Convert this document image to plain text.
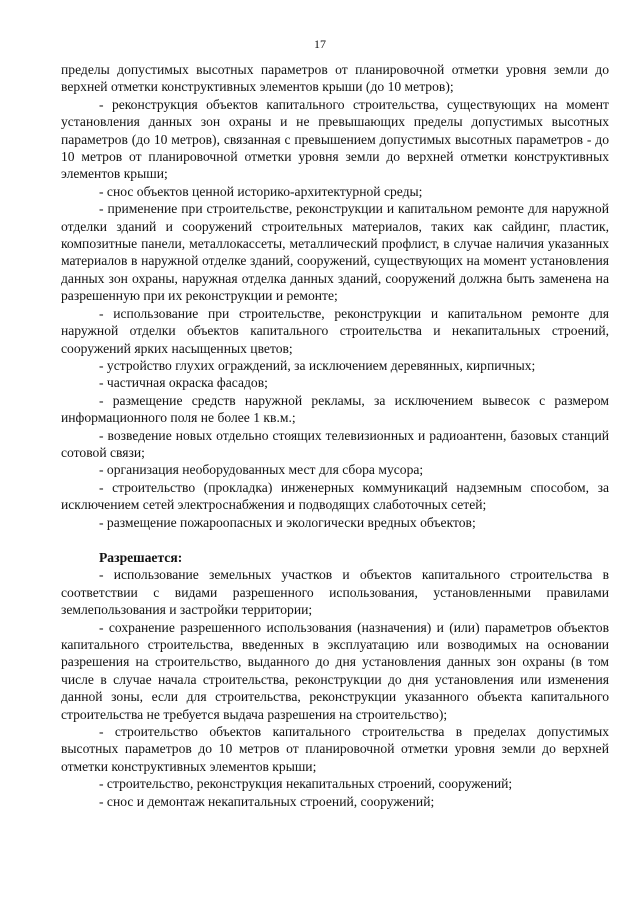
17

пределы допустимых высотных параметров от планировочной отметки уровня земли до верхней отметки конструктивных элементов крыши (до 10 метров);

- реконструкция объектов капитального строительства, существующих на момент установления данных зон охраны и не превышающих пределы допустимых высотных параметров (до 10 метров), связанная с превышением допустимых высотных параметров - до 10 метров от планировочной отметки уровня земли до верхней отметки конструктивных элементов крыши;

- снос объектов ценной историко-архитектурной среды;

- применение при строительстве, реконструкции и капитальном ремонте для наружной отделки зданий и сооружений строительных материалов, таких как сайдинг, пластик, композитные панели, металлокассеты, металлический профлист, в случае наличия указанных материалов в наружной отделке зданий, сооружений, существующих на момент установления данных зон охраны, наружная отделка данных зданий, сооружений должна быть заменена на разрешенную при их реконструкции и ремонте;

- использование при строительстве, реконструкции и капитальном ремонте для наружной отделки объектов капитального строительства и некапитальных строений, сооружений ярких насыщенных цветов;

- устройство глухих ограждений, за исключением деревянных, кирпичных;

- частичная окраска фасадов;

- размещение средств наружной рекламы, за исключением вывесок с размером информационного поля не более 1 кв.м.;

- возведение новых отдельно стоящих телевизионных и радиоантенн, базовых станций сотовой связи;

- организация необорудованных мест для сбора мусора;

- строительство (прокладка) инженерных коммуникаций надземным способом, за исключением сетей электроснабжения и подводящих слаботочных сетей;

- размещение пожароопасных и экологически вредных объектов;

Разрешается:

- использование земельных участков и объектов капитального строительства в соответствии с видами разрешенного использования, установленными правилами землепользования и застройки территории;

- сохранение разрешенного использования (назначения) и (или) параметров объектов капитального строительства, введенных в эксплуатацию или возводимых на основании разрешения на строительство, выданного до дня установления данных зон охраны (в том числе в случае начала строительства, реконструкции до дня установления или изменения данной зоны, если для строительства, реконструкции указанного объекта капитального строительства не требуется выдача разрешения на строительство);

- строительство объектов капитального строительства в пределах допустимых высотных параметров до 10 метров от планировочной отметки уровня земли до верхней отметки конструктивных элементов крыши;

- строительство, реконструкция некапитальных строений, сооружений;

- снос и демонтаж некапитальных строений, сооружений;
